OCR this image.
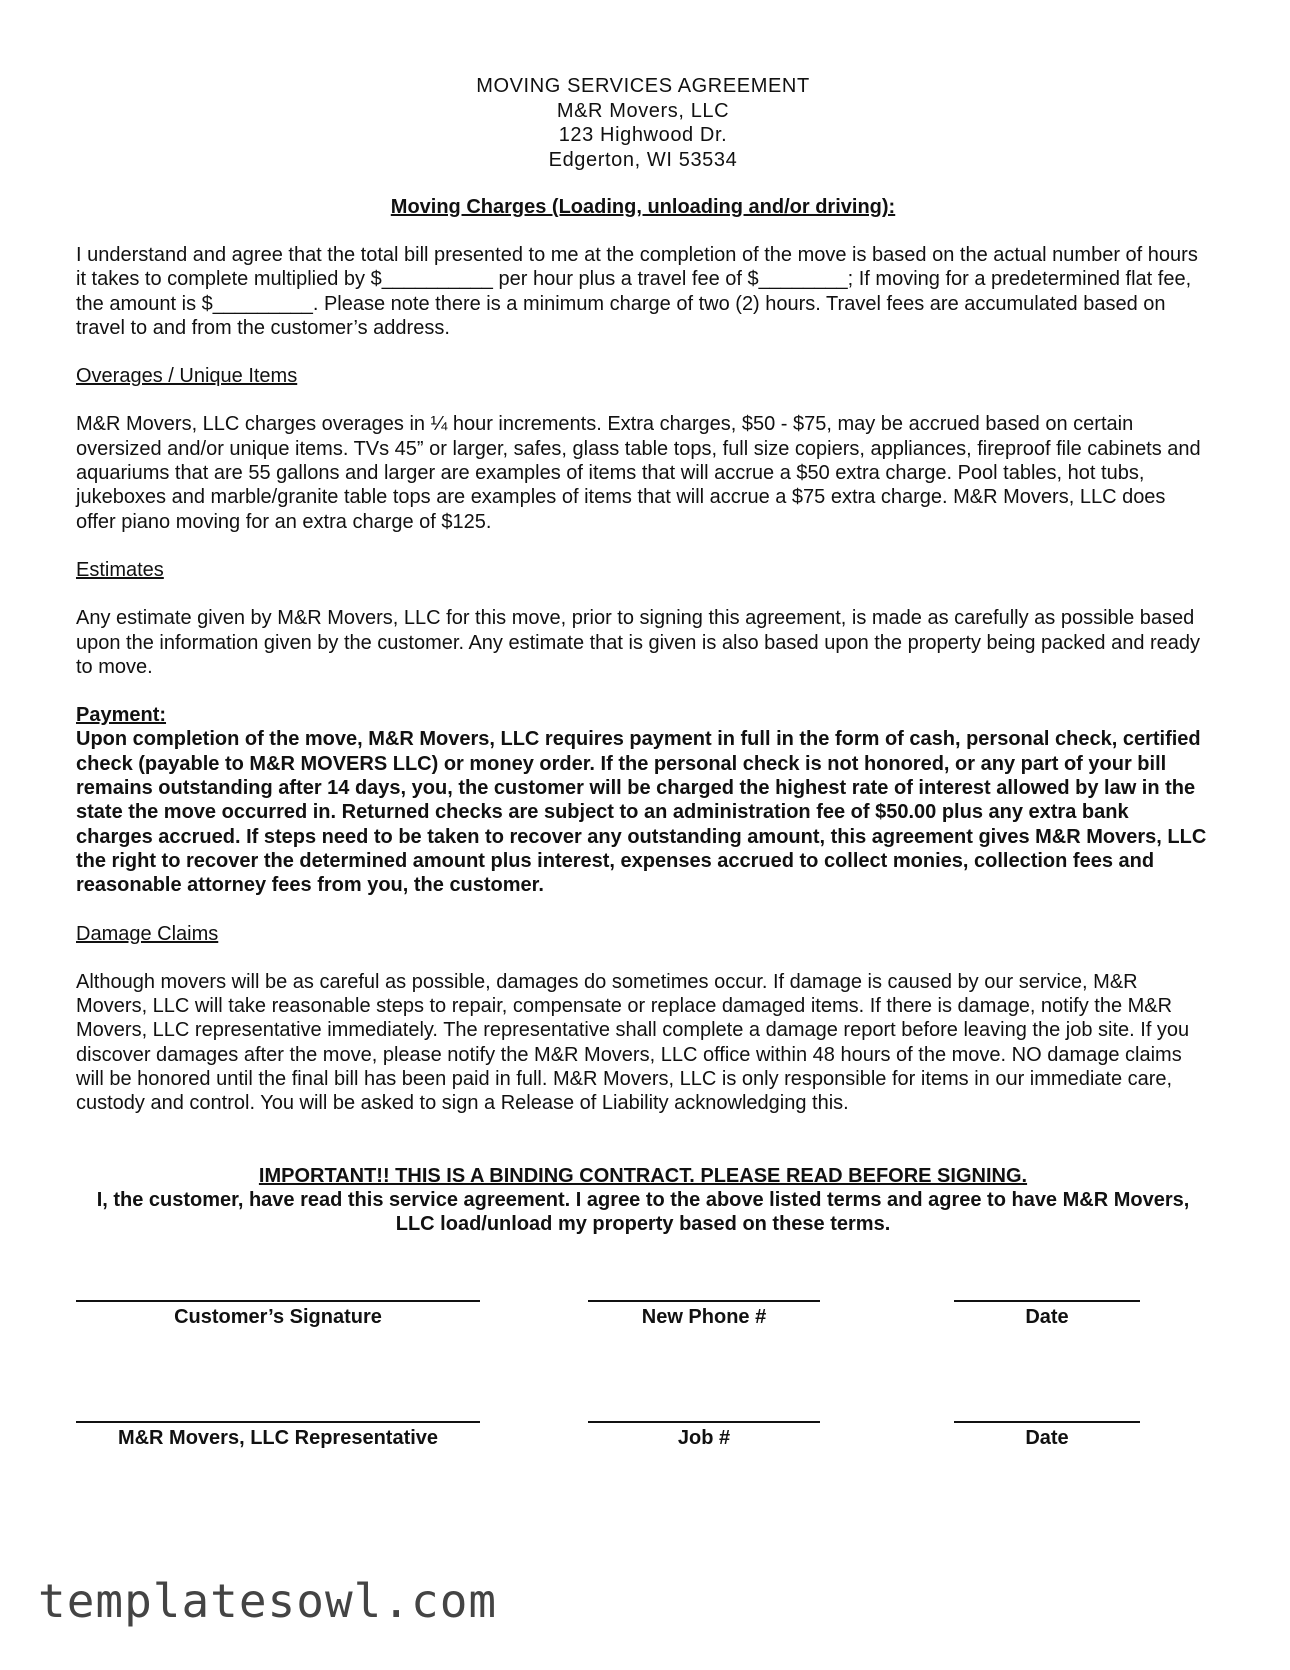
MOVING SERVICES AGREEMENT
M&R Movers, LLC
123 Highwood Dr.
Edgerton, WI 53534
Moving Charges (Loading, unloading and/or driving):

I understand and agree that the total bill presented to me at the completion of the move is based on the actual number of hours it takes to complete multiplied by $__________ per hour plus a travel fee of $________; If moving for a predetermined flat fee, the amount is $_________. Please note there is a minimum charge of two (2) hours. Travel fees are accumulated based on travel to and from the customer’s address.

Overages / Unique Items

M&R Movers, LLC charges overages in ¼ hour increments. Extra charges, $50 - $75, may be accrued based on certain oversized and/or unique items. TVs 45” or larger, safes, glass table tops, full size copiers, appliances, fireproof file cabinets and aquariums that are 55 gallons and larger are examples of items that will accrue a $50 extra charge. Pool tables, hot tubs, jukeboxes and marble/granite table tops are examples of items that will accrue a $75 extra charge. M&R Movers, LLC does offer piano moving for an extra charge of $125.

Estimates

Any estimate given by M&R Movers, LLC for this move, prior to signing this agreement, is made as carefully as possible based upon the information given by the customer. Any estimate that is given is also based upon the property being packed and ready to move.

Payment:

Upon completion of the move, M&R Movers, LLC requires payment in full in the form of cash, personal check, certified check (payable to M&R MOVERS LLC) or money order. If the personal check is not honored, or any part of your bill remains outstanding after 14 days, you, the customer will be charged the highest rate of interest allowed by law in the state the move occurred in. Returned checks are subject to an administration fee of $50.00 plus any extra bank charges accrued. If steps need to be taken to recover any outstanding amount, this agreement gives M&R Movers, LLC the right to recover the determined amount plus interest, expenses accrued to collect monies, collection fees and reasonable attorney fees from you, the customer.

Damage Claims

Although movers will be as careful as possible, damages do sometimes occur. If damage is caused by our service, M&R Movers, LLC will take reasonable steps to repair, compensate or replace damaged items. If there is damage, notify the M&R Movers, LLC representative immediately. The representative shall complete a damage report before leaving the job site. If you discover damages after the move, please notify the M&R Movers, LLC office within 48 hours of the move. NO damage claims will be honored until the final bill has been paid in full. M&R Movers, LLC is only responsible for items in our immediate care, custody and control. You will be asked to sign a Release of Liability acknowledging this.

IMPORTANT!! THIS IS A BINDING CONTRACT. PLEASE READ BEFORE SIGNING.
I, the customer, have read this service agreement. I agree to the above listed terms and agree to have M&R Movers, LLC load/unload my property based on these terms.
Customer’s Signature	New Phone #	Date
M&R Movers, LLC Representative	Job #	Date
templatesowl.com
